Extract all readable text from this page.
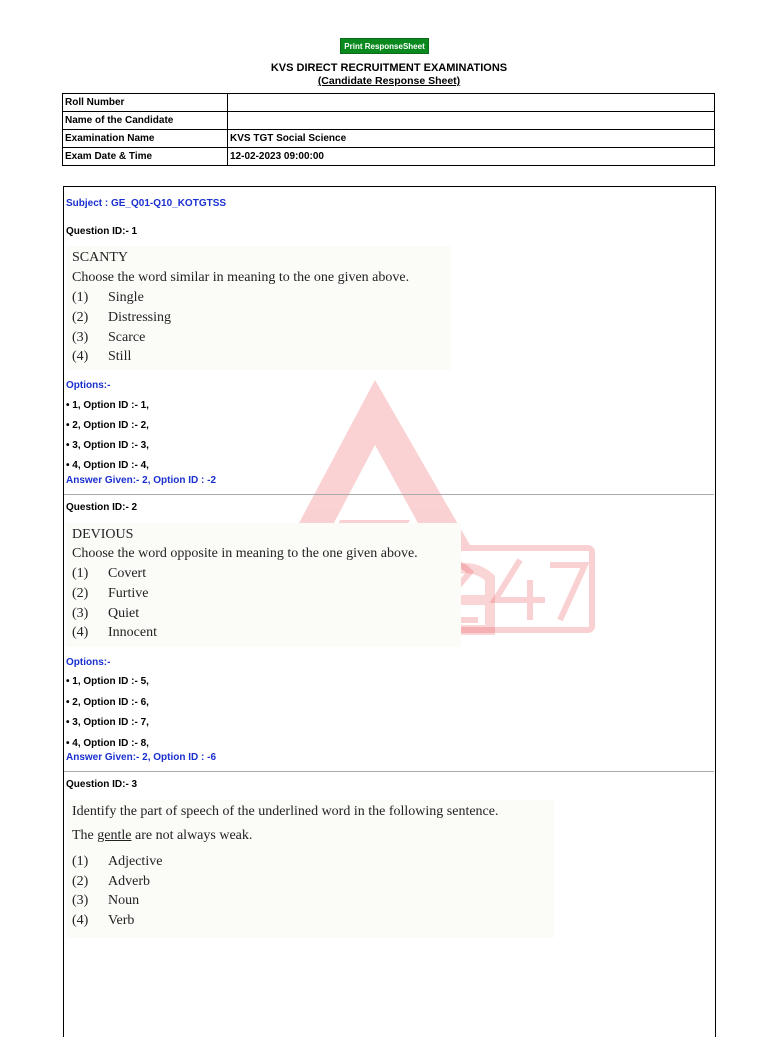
Print ResponseSheet
KVS DIRECT RECRUITMENT EXAMINATIONS
(Candidate Response Sheet)
Roll Number	
Name of the Candidate	
Examination Name	KVS TGT Social Science
Exam Date & Time	12-02-2023 09:00:00
Subject : GE_Q01-Q10_KOTGTSS
Question ID:- 1
SCANTY
Choose the word similar in meaning to the one given above.
(1) Single
(2) Distressing
(3) Scarce
(4) Still
Options:-
• 1, Option ID :- 1,
• 2, Option ID :- 2,
• 3, Option ID :- 3,
• 4, Option ID :- 4,
Answer Given:- 2, Option ID : -2
Question ID:- 2
DEVIOUS
Choose the word opposite in meaning to the one given above.
(1) Covert
(2) Furtive
(3) Quiet
(4) Innocent
Options:-
• 1, Option ID :- 5,
• 2, Option ID :- 6,
• 3, Option ID :- 7,
• 4, Option ID :- 8,
Answer Given:- 2, Option ID : -6
Question ID:- 3
Identify the part of speech of the underlined word in the following sentence.
The gentle are not always weak.
(1) Adjective
(2) Adverb
(3) Noun
(4) Verb
